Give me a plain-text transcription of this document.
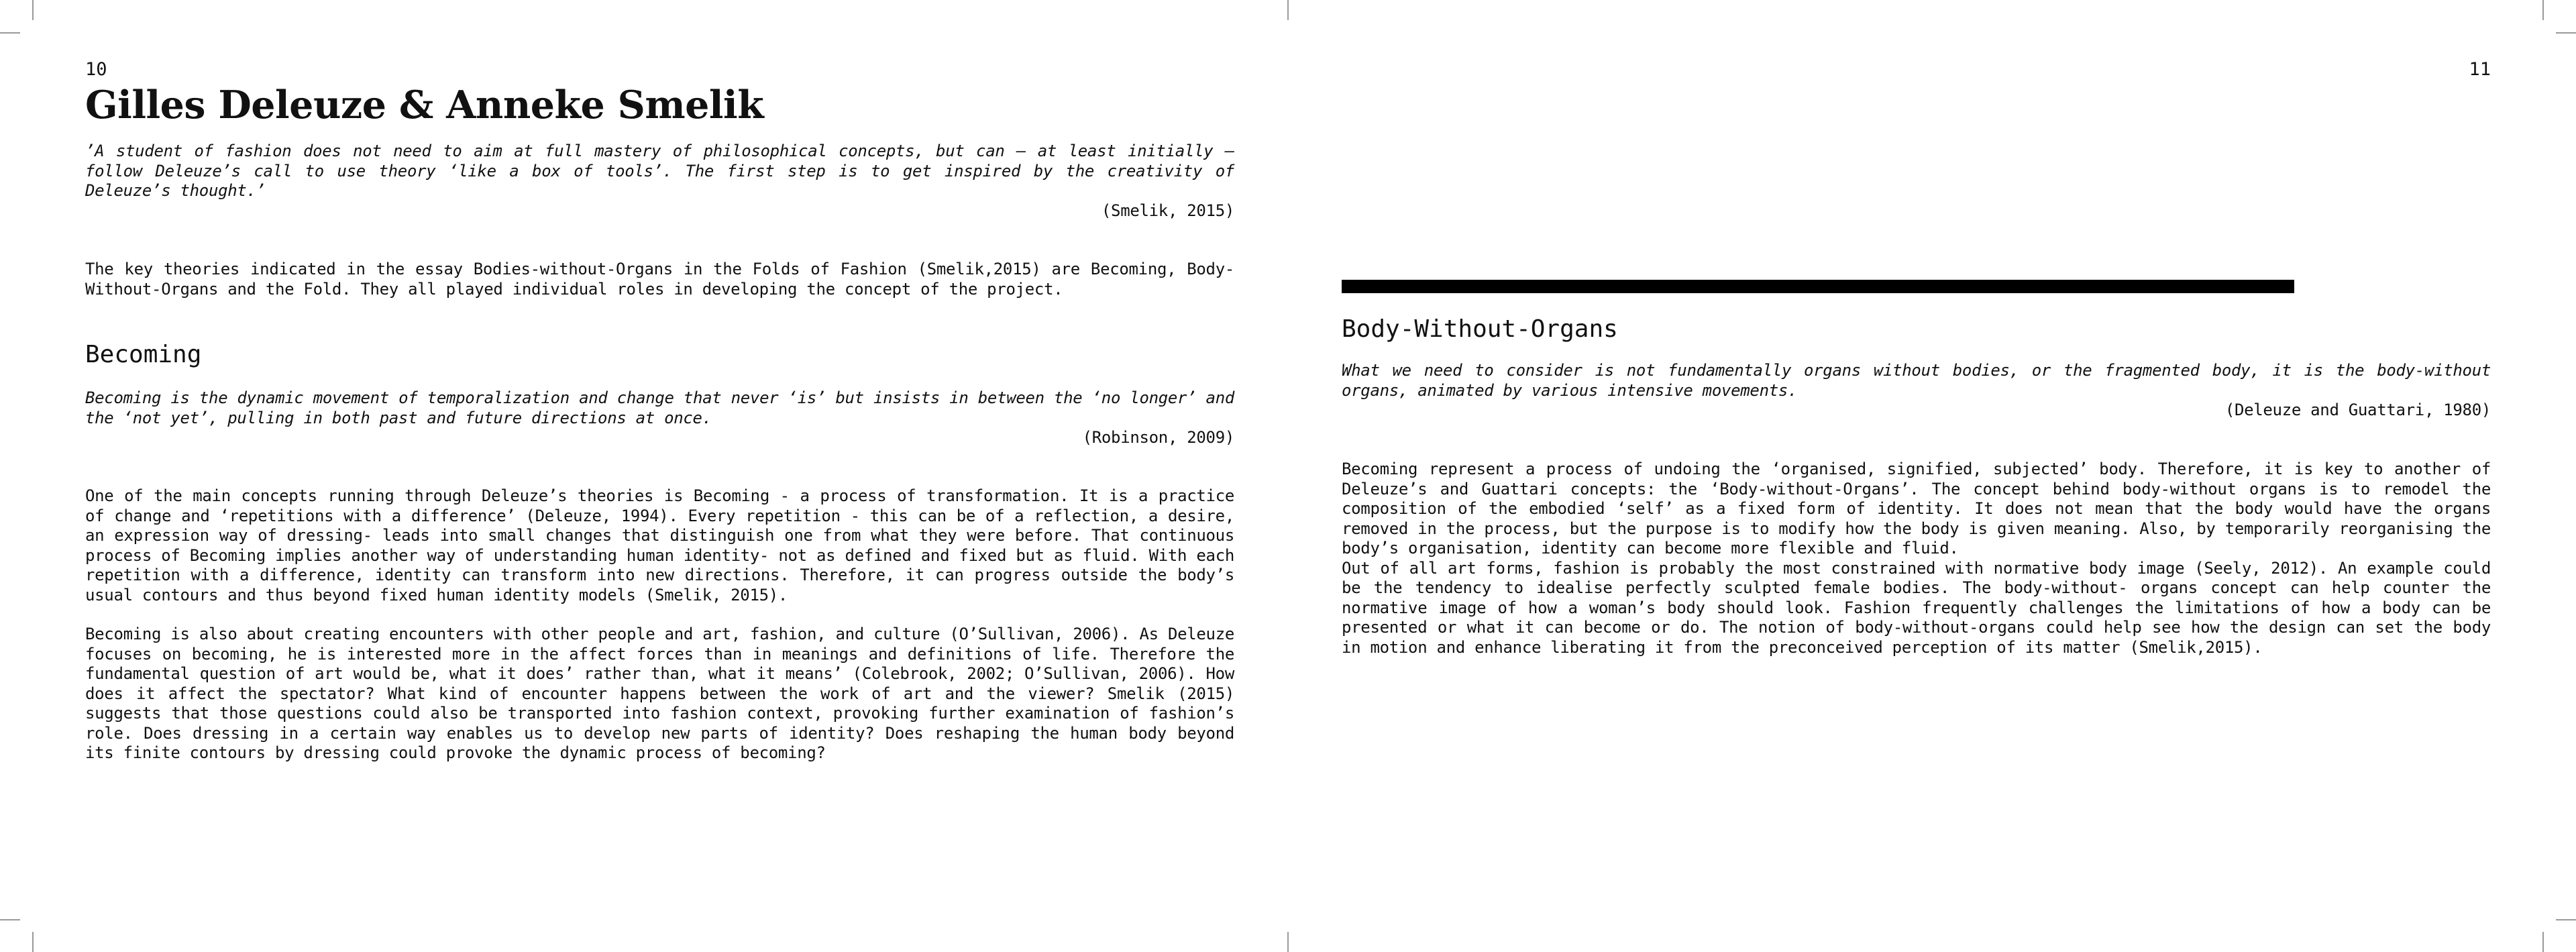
10
Gilles Deleuze & Anneke Smelik

’A student of fashion does not need to aim at full mastery of philosophical concepts, but can — at least initially — follow Deleuze’s call to use theory ‘like a box of tools’. The first step is to get inspired by the creativity of Deleuze’s thought.’

(Smelik, 2015)

The key theories indicated in the essay Bodies-without-Organs in the Folds of Fashion (Smelik,2015) are Becoming, Body-Without-Organs and the Fold. They all played individual roles in developing the concept of the project.

Becoming

Becoming is the dynamic movement of temporalization and change that never ‘is’ but insists in between the ‘no longer’ and the ‘not yet’, pulling in both past and future directions at once.

(Robinson, 2009)

One of the main concepts running through Deleuze’s theories is Becoming - a process of transformation. It is a practice of change and ‘repetitions with a difference’ (Deleuze, 1994). Every repetition - this can be of a reflection, a desire, an expression way of dressing- leads into small changes that distinguish one from what they were before. That continuous process of Becoming implies another way of understanding human identity- not as defined and fixed but as fluid. With each repetition with a difference, identity can transform into new directions. Therefore, it can progress outside the body’s usual contours and thus beyond fixed human identity models (Smelik, 2015).

Becoming is also about creating encounters with other people and art, fashion, and culture (O’Sullivan, 2006). As Deleuze focuses on becoming, he is interested more in the affect forces than in meanings and definitions of life. Therefore the fundamental question of art would be, what it does’ rather than, what it means’ (Colebrook, 2002; O’Sullivan, 2006). How does it affect the spectator? What kind of encounter happens between the work of art and the viewer? Smelik (2015) suggests that those questions could also be transported into fashion context, provoking further examination of fashion’s role. Does dressing in a certain way enables us to develop new parts of identity? Does reshaping the human body beyond its finite contours by dressing could provoke the dynamic process of becoming?

11

Body-Without-Organs

What we need to consider is not fundamentally organs without bodies, or the fragmented body, it is the body-without organs, animated by various intensive movements.

(Deleuze and Guattari, 1980)

Becoming represent a process of undoing the ‘organised, signified, subjected’ body. Therefore, it is key to another of Deleuze’s and Guattari concepts: the ‘Body-without-Organs’. The concept behind body-without organs is to remodel the composition of the embodied ‘self’ as a fixed form of identity. It does not mean that the body would have the organs removed in the process, but the purpose is to modify how the body is given meaning. Also, by temporarily reorganising the body’s organisation, identity can become more flexible and fluid.

Out of all art forms, fashion is probably the most constrained with normative body image (Seely, 2012). An example could be the tendency to idealise perfectly sculpted female bodies. The body-without- organs concept can help counter the normative image of how a woman’s body should look. Fashion frequently challenges the limitations of how a body can be presented or what it can become or do. The notion of body-without-organs could help see how the design can set the body in motion and enhance liberating it from the preconceived perception of its matter (Smelik,2015).
